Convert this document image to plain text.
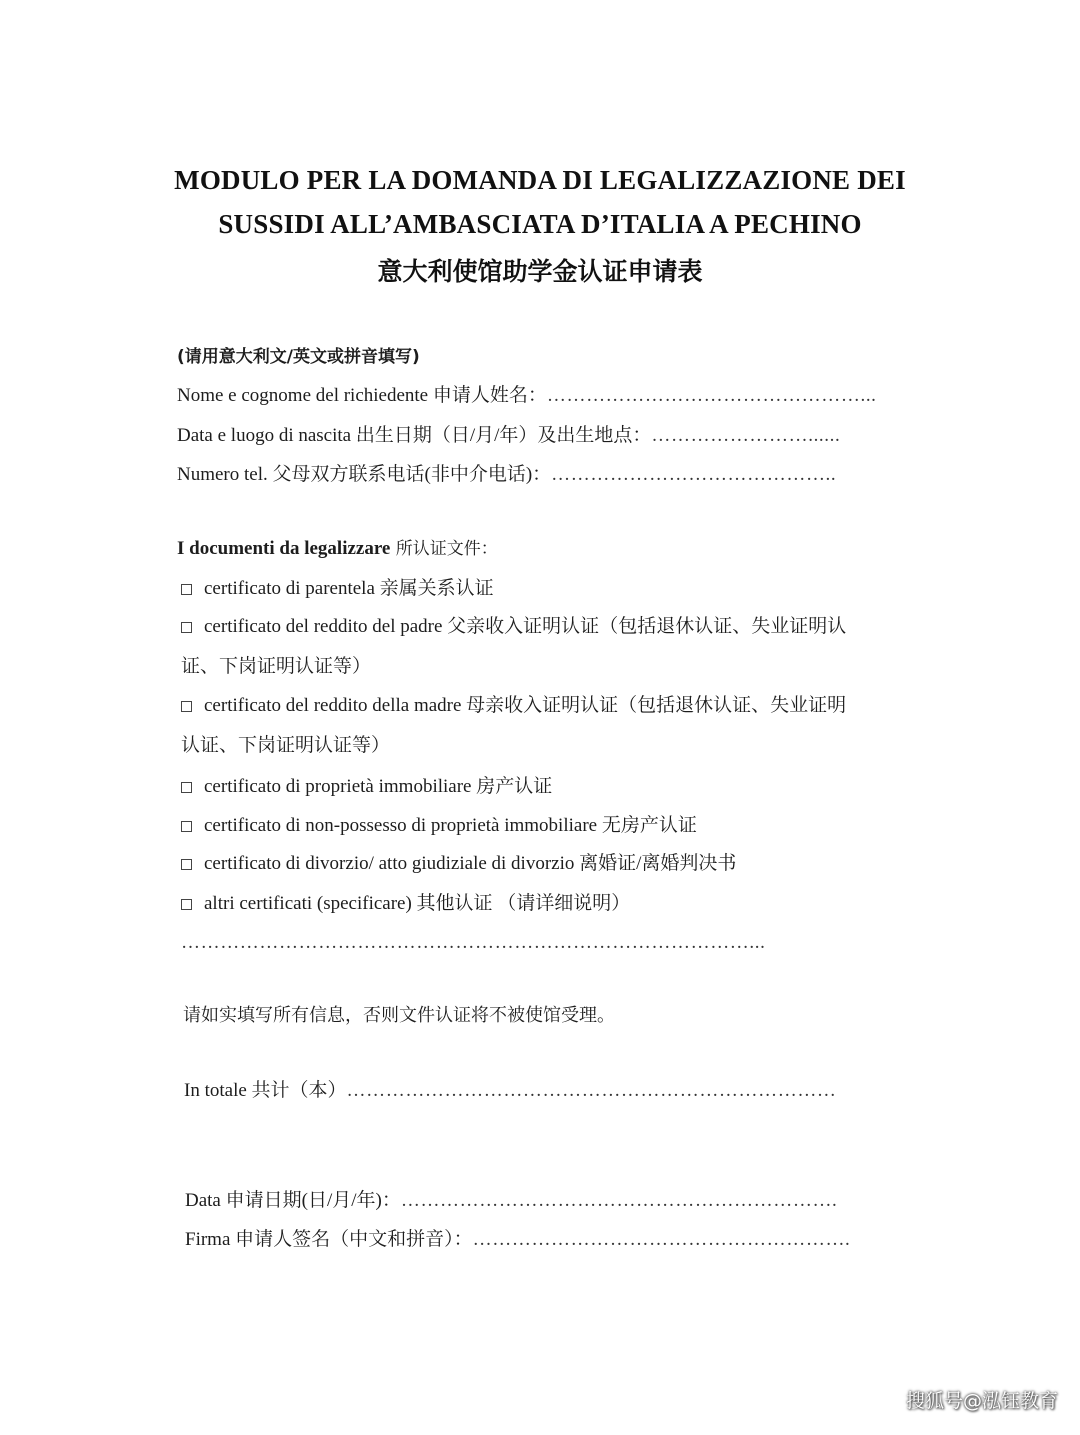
MODULO PER LA DOMANDA DI LEGALIZZAZIONE DEI
SUSSIDI ALL’AMBASCIATA D’ITALIA A PECHINO
意大利使馆助学金认证申请表
(请用意大利文/英文或拼音填写)
Nome e cognome del richiedente 申请人姓名：…………………………………………...
Data e luogo di nascita 出生日期（日/月/年）及出生地点：……………………......
Numero tel. 父母双方联系电话(非中介电话)：……………………………………..
I documenti da legalizzare 所认证文件：
certificato di parentela 亲属关系认证
certificato del reddito del padre 父亲收入证明认证（包括退休认证、失业证明认
证、下岗证明认证等）
certificato del reddito della madre 母亲收入证明认证（包括退休认证、失业证明
认证、下岗证明认证等）
certificato di proprietà immobiliare 房产认证
certificato di non-possesso di proprietà immobiliare 无房产认证
certificato di divorzio/ atto giudiziale di divorzio 离婚证/离婚判决书
altri certificati (specificare) 其他认证 （请详细说明）
……………………………………………………………………………...
请如实填写所有信息，否则文件认证将不被使馆受理。
In totale 共计（本）…………………………………………………………………
Data 申请日期(日/月/年)：………………………………………………………….
Firma 申请人签名（中文和拼音）：………………………………………………….
搜狐号@泓钰教育
